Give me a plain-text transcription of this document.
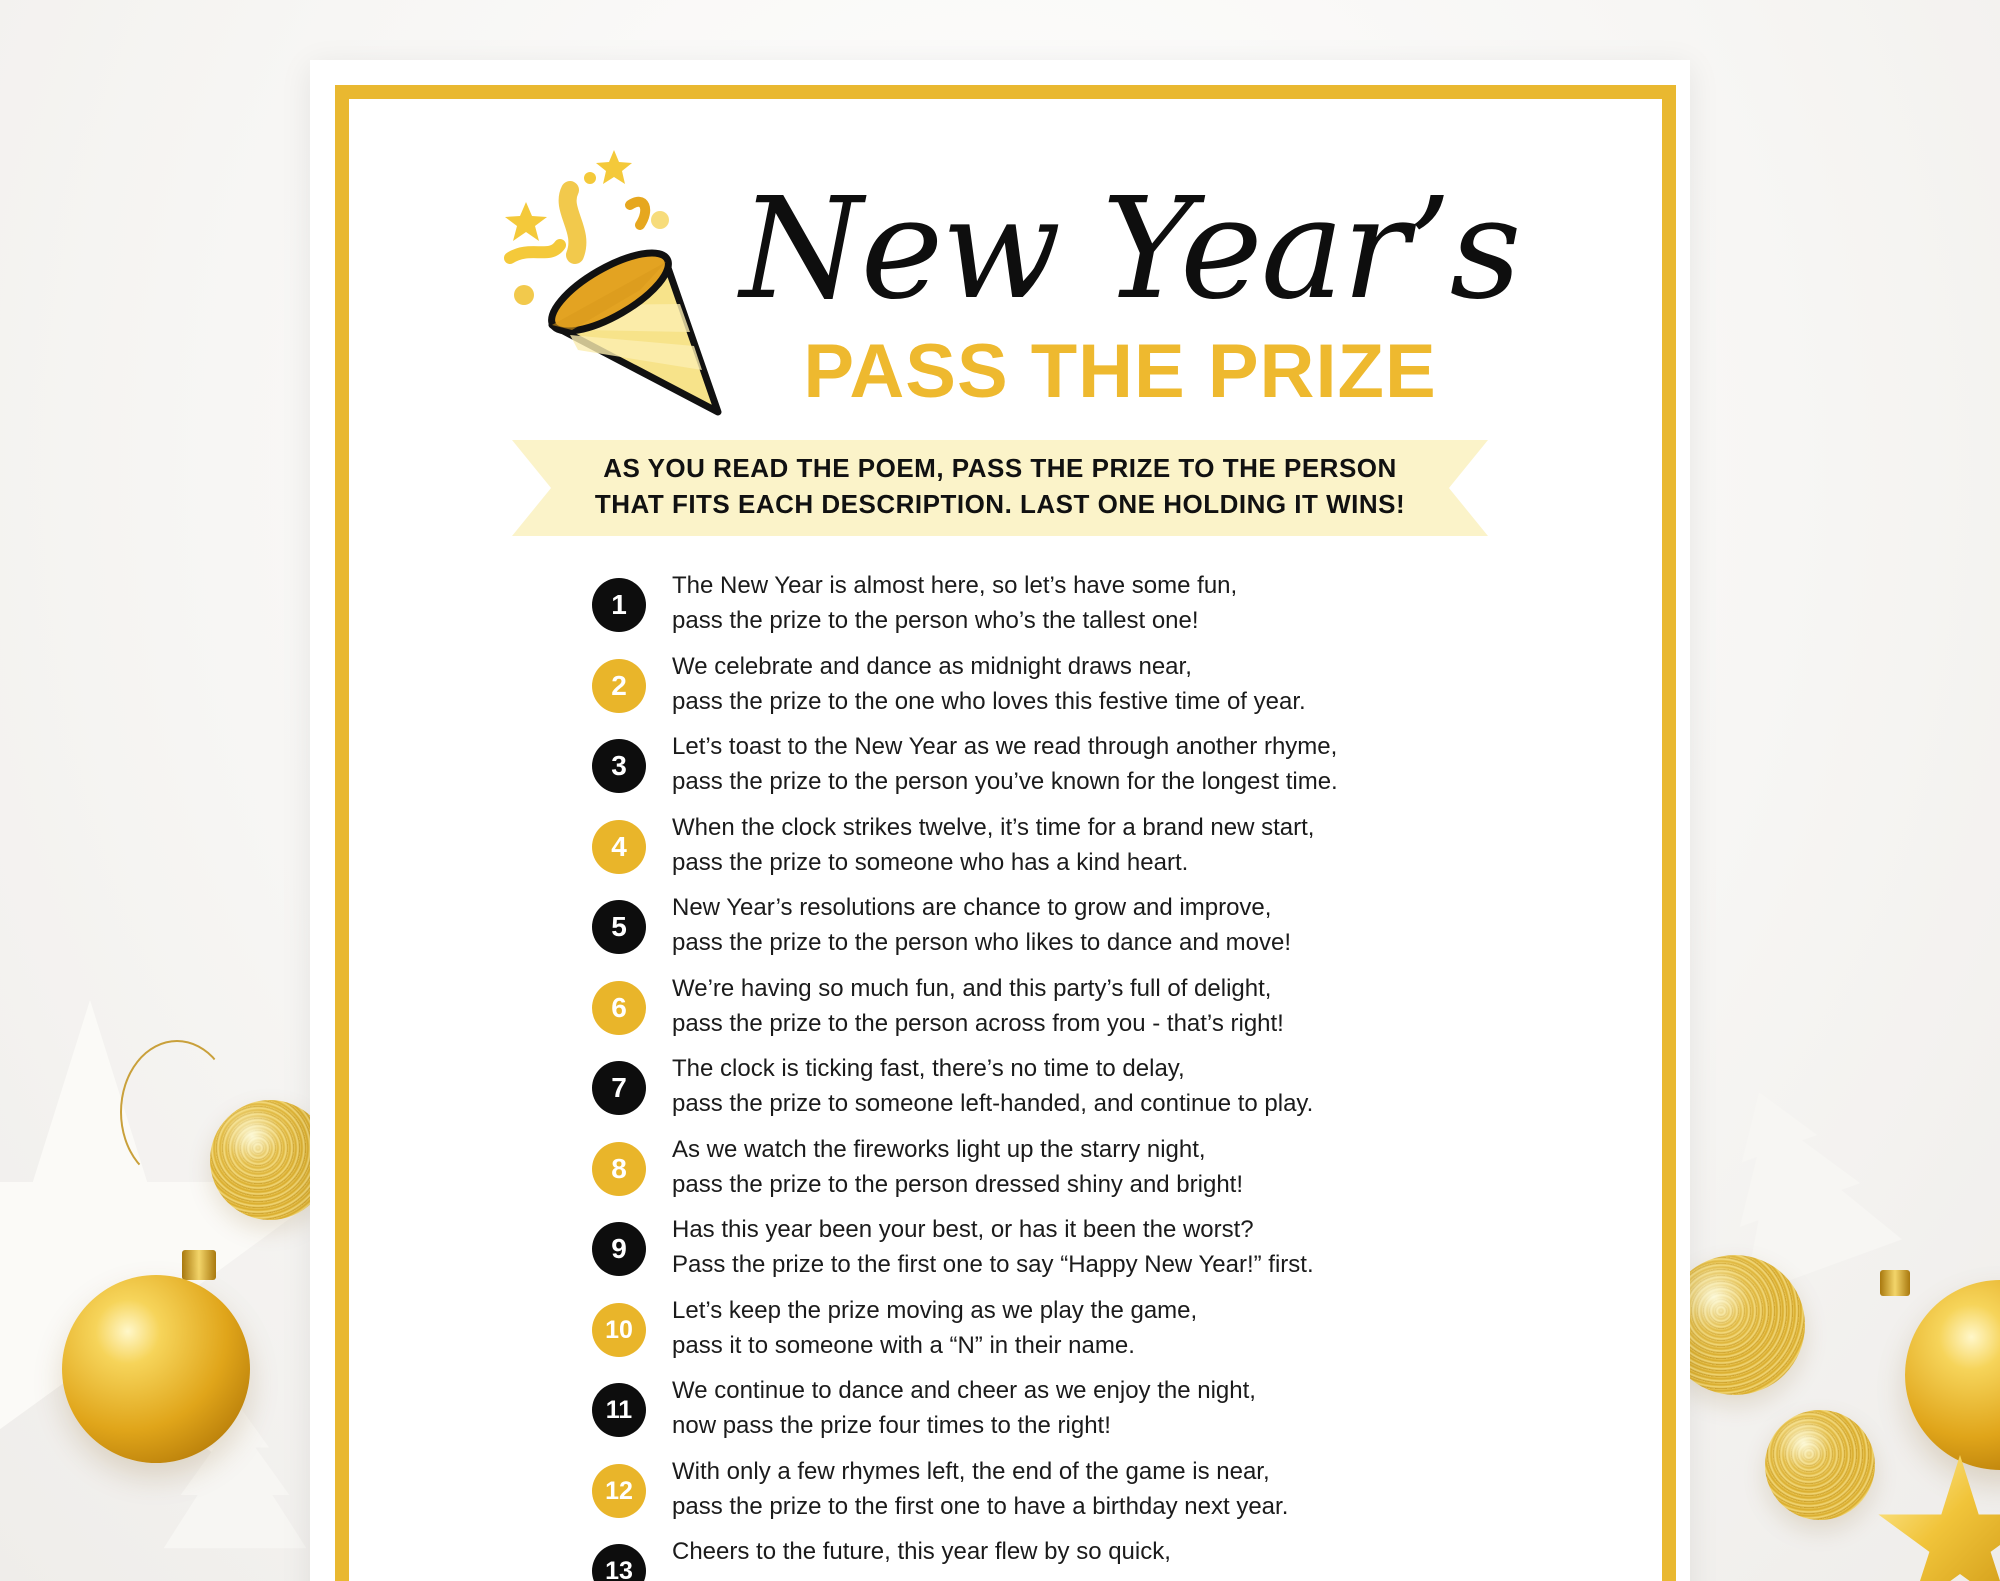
New Year’s
PASS THE PRIZE
AS YOU READ THE POEM, PASS THE PRIZE TO THE PERSON
THAT FITS EACH DESCRIPTION. LAST ONE HOLDING IT WINS!
1
The New Year is almost here, so let’s have some fun,
pass the prize to the person who’s the tallest one!
2
We celebrate and dance as midnight draws near,
pass the prize to the one who loves this festive time of year.
3
Let’s toast to the New Year as we read through another rhyme,
pass the prize to the person you’ve known for the longest time.
4
When the clock strikes twelve, it’s time for a brand new start,
pass the prize to someone who has a kind heart.
5
New Year’s resolutions are chance to grow and improve,
pass the prize to the person who likes to dance and move!
6
We’re having so much fun, and this party’s full of delight,
pass the prize to the person across from you - that’s right!
7
The clock is ticking fast, there’s no time to delay,
pass the prize to someone left-handed, and continue to play.
8
As we watch the fireworks light up the starry night,
pass the prize to the person dressed shiny and bright!
9
Has this year been your best, or has it been the worst?
Pass the prize to the first one to say “Happy New Year!” first.
10
Let’s keep the prize moving as we play the game,
pass it to someone with a “N” in their name.
11
We continue to dance and cheer as we enjoy the night,
now pass the prize four times to the right!
12
With only a few rhymes left, the end of the game is near,
pass the prize to the first one to have a birthday next year.
13
Cheers to the future, this year flew by so quick,
